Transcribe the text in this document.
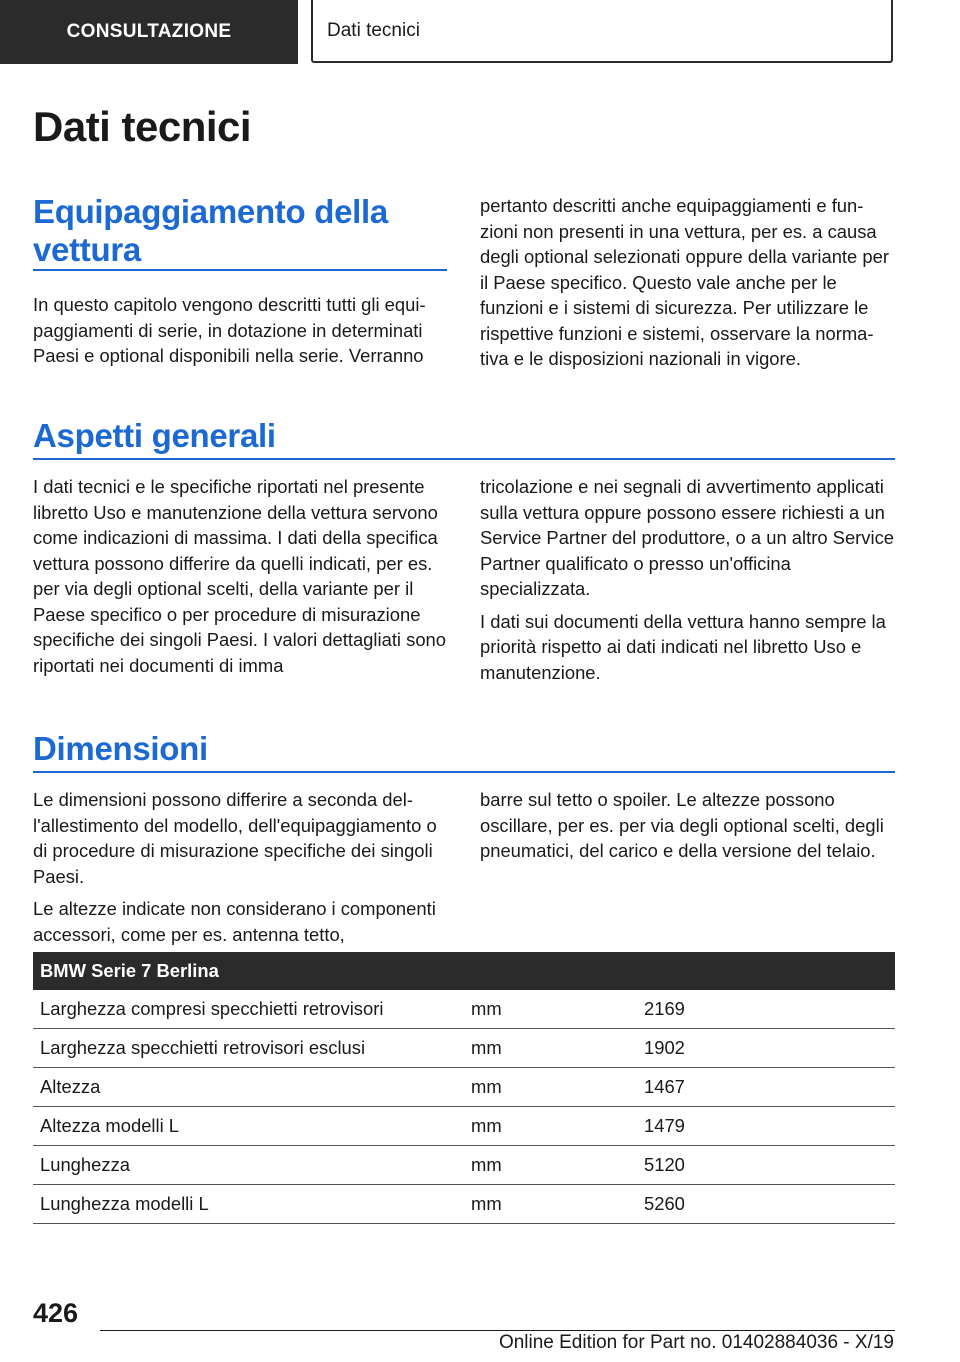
CONSULTAZIONE	Dati tecnici
Dati tecnici
Equipaggiamento della
vettura

In questo capitolo vengono descritti tutti gli equipaggiamenti di serie, in dotazione in determinati Paesi e optional disponibili nella serie. Verranno

pertanto descritti anche equipaggiamenti e funzioni non presenti in una vettura, per es. a causa degli optional selezionati oppure della variante per il Paese specifico. Questo vale anche per le funzioni e i sistemi di sicurezza. Per utilizzare le rispettive funzioni e sistemi, osservare la normativa e le disposizioni nazionali in vigore.

Aspetti generali

I dati tecnici e le specifiche riportati nel presente libretto Uso e manutenzione della vettura servono come indicazioni di massima. I dati della specifica vettura possono differire da quelli indicati, per es. per via degli optional scelti, della variante per il Paese specifico o per procedure di misurazione specifiche dei singoli Paesi. I valori dettagliati sono riportati nei documenti di imma

tricolazione e nei segnali di avvertimento applicati sulla vettura oppure possono essere richiesti a un Service Partner del produttore, o a un altro Service Partner qualificato o presso un'officina specializzata.

I dati sui documenti della vettura hanno sempre la priorità rispetto ai dati indicati nel libretto Uso e manutenzione.

Dimensioni

Le dimensioni possono differire a seconda dell'allestimento del modello, dell'equipaggiamento o di procedure di misurazione specifiche dei singoli Paesi.

Le altezze indicate non considerano i componenti accessori, come per es. antenna tetto,

barre sul tetto o spoiler. Le altezze possono oscillare, per es. per via degli optional scelti, degli pneumatici, del carico e della versione del telaio.

BMW Serie 7 Berlina		
Larghezza compresi specchietti retrovisori	mm	2169
Larghezza specchietti retrovisori esclusi	mm	1902
Altezza	mm	1467
Altezza modelli L	mm	1479
Lunghezza	mm	5120
Lunghezza modelli L	mm	5260
426
Online Edition for Part no. 01402884036 - X/19
